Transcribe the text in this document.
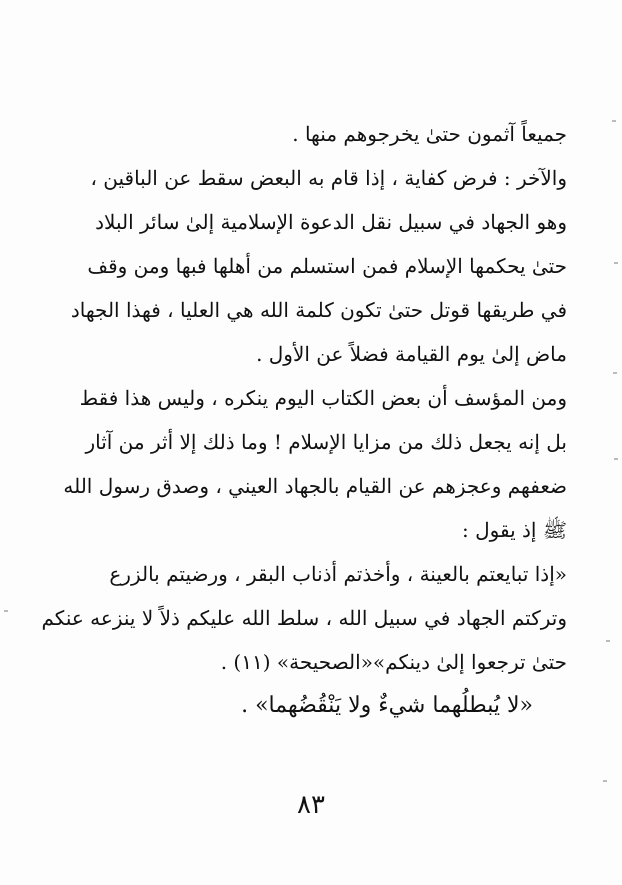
جميعاً آثمون حتىٰ يخرجوهم منها .
والآخر : فرض كفاية ، إذا قام به البعض سقط عن الباقين ،
وهو الجهاد في سبيل نقل الدعوة الإسلامية إلىٰ سائر البلاد
حتىٰ يحكمها الإسلام فمن استسلم من أهلها فبها ومن وقف
في طريقها قوتل حتىٰ تكون كلمة الله هي العليا ، فهذا الجهاد
ماض إلىٰ يوم القيامة فضلاً عن الأول .
ومن المؤسف أن بعض الكتاب اليوم ينكره ، وليس هذا فقط
بل إنه يجعل ذلك من مزايا الإسلام ! وما ذلك إلا أثر من آثار
ضعفهم وعجزهم عن القيام بالجهاد العيني ، وصدق رسول الله
ﷺ إذ يقول :
«إذا تبايعتم بالعينة ، وأخذتم أذناب البقر ، ورضيتم بالزرع
وتركتم الجهاد في سبيل الله ، سلط الله عليكم ذلاً لا ينزعه عنكم
حتىٰ ترجعوا إلىٰ دينكم»«الصحيحة» (١١) .
«لا يُبطلُهما شيءٌ ولا يَنْقُضُهما» .
٨٣
